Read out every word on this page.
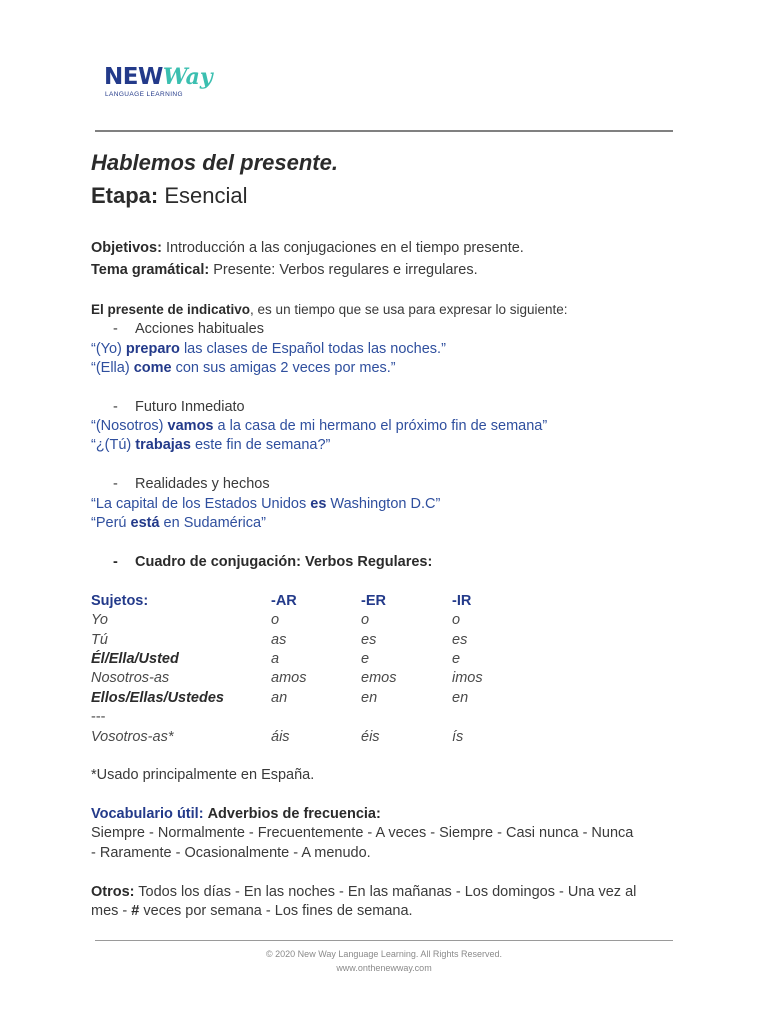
NEWWay
LANGUAGE LEARNING
Hablemos del presente.
Etapa: Esencial
Objetivos: Introducción a las conjugaciones en el tiempo presente.
Tema gramátical: Presente: Verbos regulares e irregulares.
El presente de indicativo, es un tiempo que se usa para expresar lo siguiente:
- Acciones habituales
“(Yo) preparo las clases de Español todas las noches.”
“(Ella) come con sus amigas 2 veces por mes.”
- Futuro Inmediato
“(Nosotros) vamos a la casa de mi hermano el próximo fin de semana”
“¿(Tú) trabajas este fin de semana?”
- Realidades y hechos
“La capital de los Estados Unidos es Washington D.C”
“Perú está en Sudamérica”
- Cuadro de conjugación: Verbos Regulares:
Sujetos:	-AR	-ER	-IR
Yo	o	o	o
Tú	as	es	es
Él/Ella/Usted	a	e	e
Nosotros-as	amos	emos	imos
Ellos/Ellas/Ustedes	an	en	en
---
Vosotros-as*	áis	éis	ís
*Usado principalmente en España.
Vocabulario útil: Adverbios de frecuencia:
Siempre - Normalmente - Frecuentemente - A veces - Siempre - Casi nunca - Nunca
- Raramente - Ocasionalmente - A menudo.
Otros: Todos los días - En las noches - En las mañanas - Los domingos - Una vez al
mes - # veces por semana - Los fines de semana.
© 2020 New Way Language Learning. All Rights Reserved.
www.onthenewway.com
